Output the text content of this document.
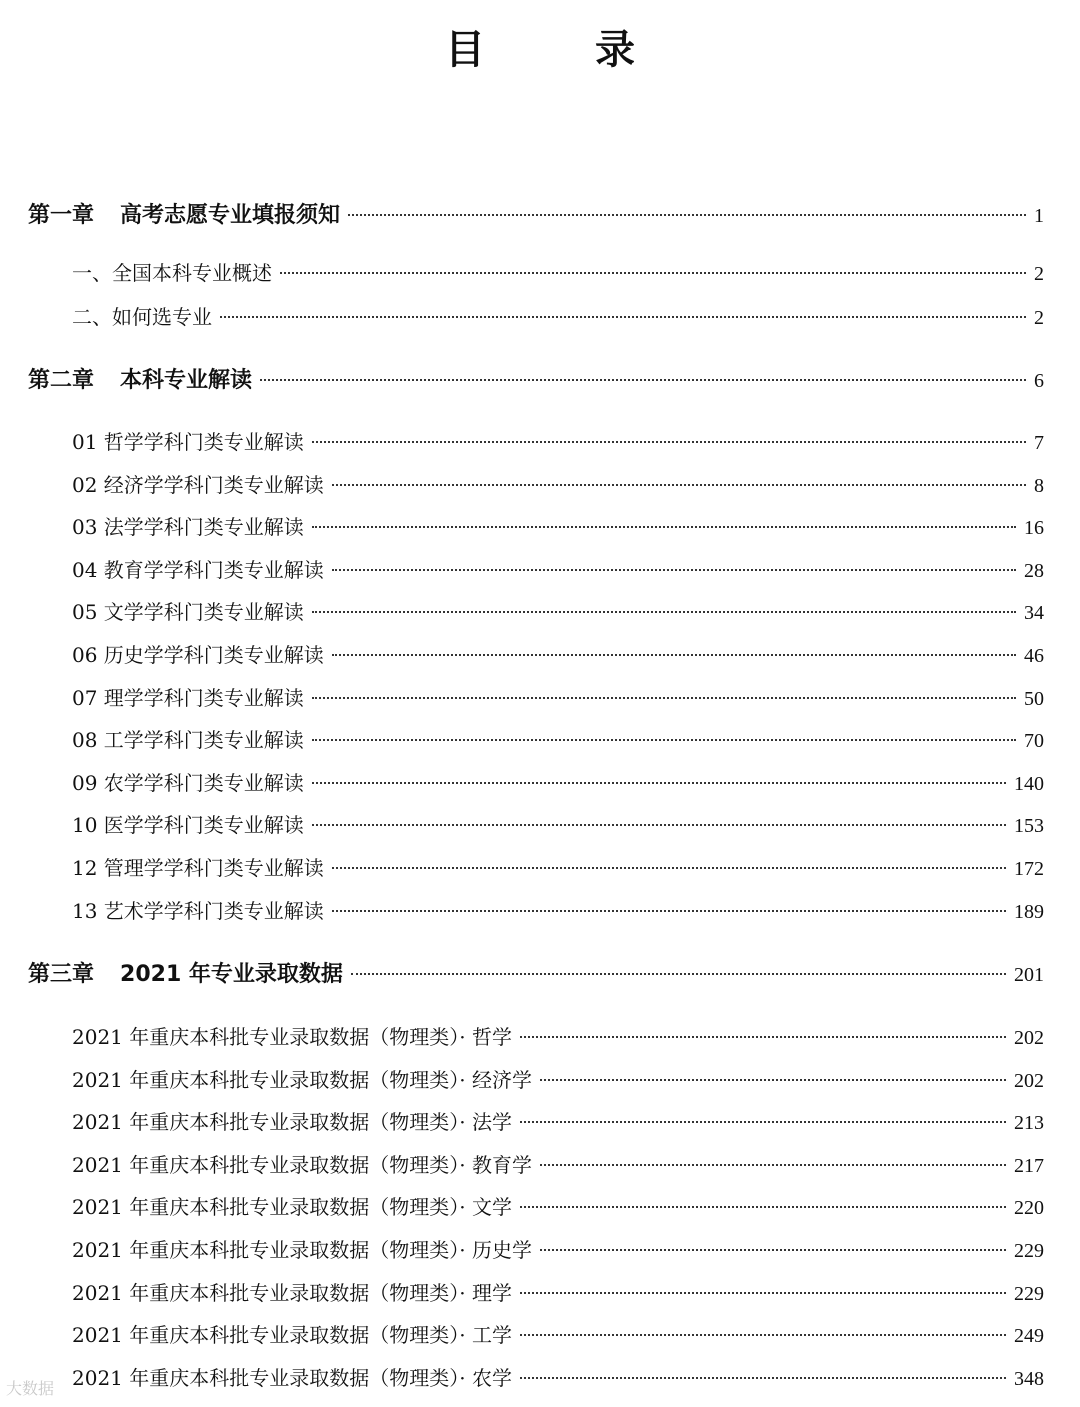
目 录
第一章 高考志愿专业填报须知	1
一、全国本科专业概述	2
二、如何选专业	2
第二章 本科专业解读	6
01 哲学学科门类专业解读	7
02 经济学学科门类专业解读	8
03 法学学科门类专业解读	16
04 教育学学科门类专业解读	28
05 文学学科门类专业解读	34
06 历史学学科门类专业解读	46
07 理学学科门类专业解读	50
08 工学学科门类专业解读	70
09 农学学科门类专业解读	140
10 医学学科门类专业解读	153
12 管理学学科门类专业解读	172
13 艺术学学科门类专业解读	189
第三章 2021 年专业录取数据	201
2021 年重庆本科批专业录取数据（物理类）· 哲学	202
2021 年重庆本科批专业录取数据（物理类）· 经济学	202
2021 年重庆本科批专业录取数据（物理类）· 法学	213
2021 年重庆本科批专业录取数据（物理类）· 教育学	217
2021 年重庆本科批专业录取数据（物理类）· 文学	220
2021 年重庆本科批专业录取数据（物理类）· 历史学	229
2021 年重庆本科批专业录取数据（物理类）· 理学	229
2021 年重庆本科批专业录取数据（物理类）· 工学	249
2021 年重庆本科批专业录取数据（物理类）· 农学	348
大数据
